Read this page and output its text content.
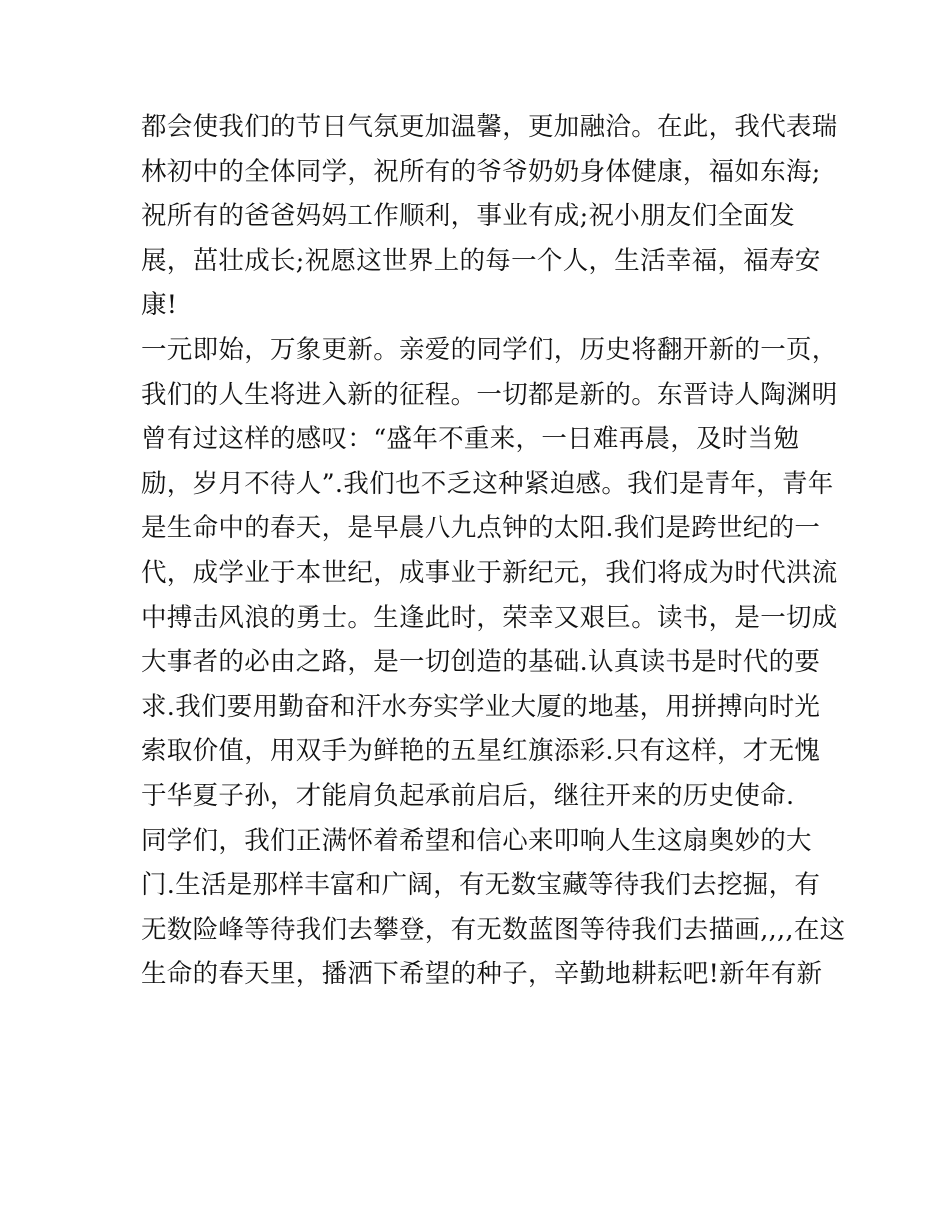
都会使我们的节日气氛更加温馨，更加融洽。在此，我代表瑞
林初中的全体同学，祝所有的爷爷奶奶身体健康，福如东海;
祝所有的爸爸妈妈工作顺利，事业有成;祝小朋友们全面发
展，茁壮成长;祝愿这世界上的每一个人，生活幸福，福寿安
康!
一元即始，万象更新。亲爱的同学们，历史将翻开新的一页，
我们的人生将进入新的征程。一切都是新的。东晋诗人陶渊明
曾有过这样的感叹：“盛年不重来，一日难再晨，及时当勉
励，岁月不待人”.我们也不乏这种紧迫感。我们是青年，青年
是生命中的春天，是早晨八九点钟的太阳.我们是跨世纪的一
代，成学业于本世纪，成事业于新纪元，我们将成为时代洪流
中搏击风浪的勇士。生逢此时，荣幸又艰巨。读书，是一切成
大事者的必由之路，是一切创造的基础.认真读书是时代的要
求.我们要用勤奋和汗水夯实学业大厦的地基，用拼搏向时光
索取价值，用双手为鲜艳的五星红旗添彩.只有这样，才无愧
于华夏子孙，才能肩负起承前启后，继往开来的历史使命.
同学们，我们正满怀着希望和信心来叩响人生这扇奥妙的大
门.生活是那样丰富和广阔，有无数宝藏等待我们去挖掘，有
无数险峰等待我们去攀登，有无数蓝图等待我们去描画,,,,在这
生命的春天里，播洒下希望的种子，辛勤地耕耘吧!新年有新
